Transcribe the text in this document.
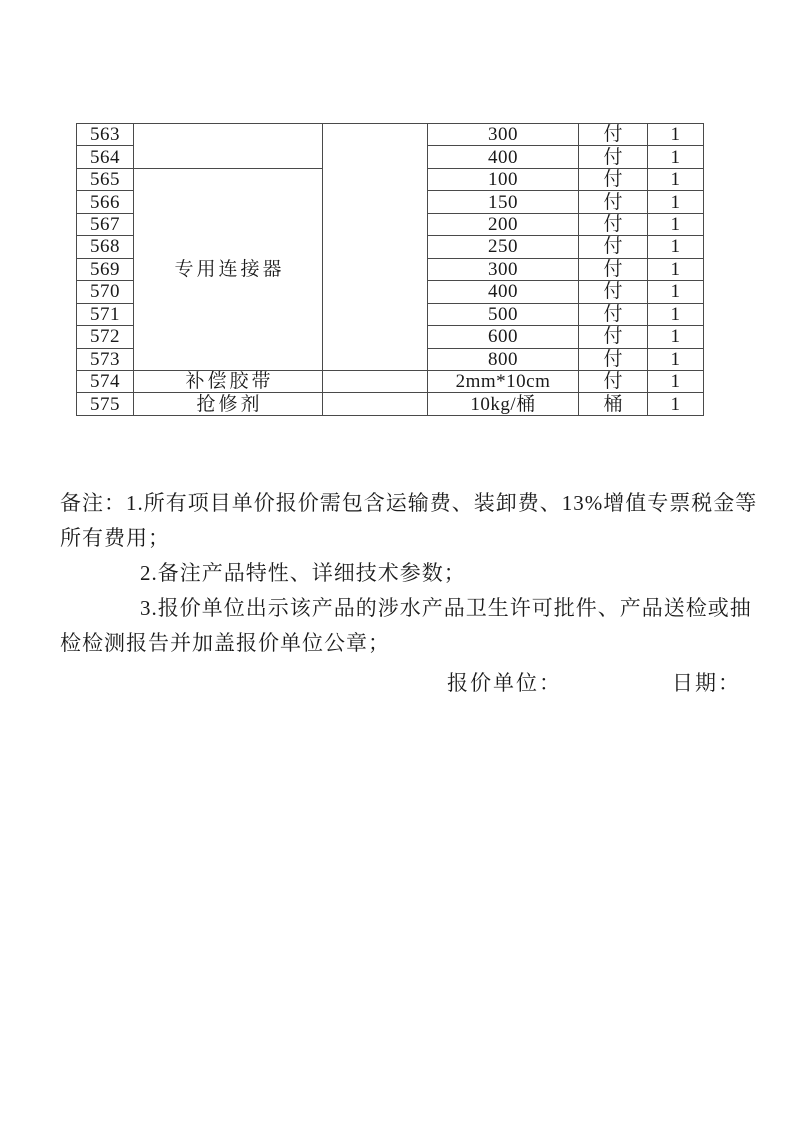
563			300	付	1
564			400	付	1
565	专用连接器		100	付	1
566			150	付	1
567			200	付	1
568			250	付	1
569			300	付	1
570			400	付	1
571			500	付	1
572			600	付	1
573			800	付	1
574	补偿胶带		2mm*10cm	付	1
575	抢修剂		10kg/桶	桶	1
备注：1.所有项目单价报价需包含运输费、装卸费、13%增值专票税金等
所有费用；
2.备注产品特性、详细技术参数；
3.报价单位出示该产品的涉水产品卫生许可批件、产品送检或抽
检检测报告并加盖报价单位公章；
报价单位：	日期：
